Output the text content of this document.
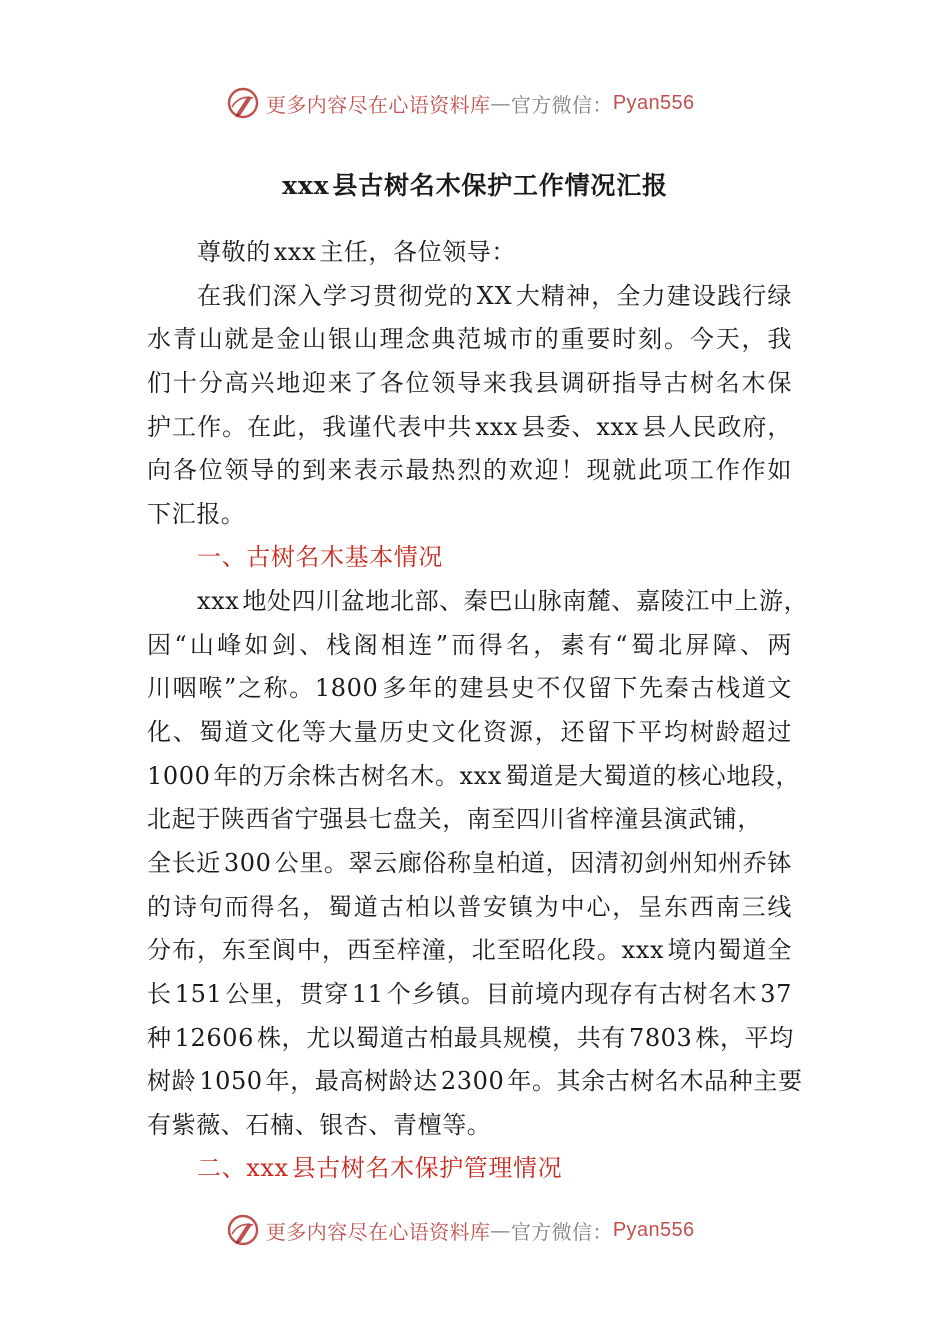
更多内容尽在心语资料库 — 官方微信： Pyan556
xxx县古树名木保护工作情况汇报
尊敬的xxx主任，各位领导：
在我们深入学习贯彻党的XX大精神，全力建设践行绿
水青山就是金山银山理念典范城市的重要时刻。今天，我
们十分高兴地迎来了各位领导来我县调研指导古树名木保
护工作。在此，我谨代表中共xxx县委、xxx县人民政府，
向各位领导的到来表示最热烈的欢迎！现就此项工作作如
下汇报。
一、古树名木基本情况
xxx地处四川盆地北部、秦巴山脉南麓、嘉陵江中上游，
因“山峰如剑、栈阁相连”而得名，素有“蜀北屏障、两
川咽喉”之称。1800多年的建县史不仅留下先秦古栈道文
化、蜀道文化等大量历史文化资源，还留下平均树龄超过
1000年的万余株古树名木。xxx蜀道是大蜀道的核心地段，
北起于陕西省宁强县七盘关，南至四川省梓潼县演武铺，
全长近300公里。翠云廊俗称皇柏道，因清初剑州知州乔钵
的诗句而得名，蜀道古柏以普安镇为中心，呈东西南三线
分布，东至阆中，西至梓潼，北至昭化段。xxx境内蜀道全
长151公里，贯穿11个乡镇。目前境内现存有古树名木37
种12606株，尤以蜀道古柏最具规模，共有7803株，平均
树龄1050年，最高树龄达2300年。其余古树名木品种主要
有紫薇、石楠、银杏、青檀等。
二、xxx县古树名木保护管理情况
更多内容尽在心语资料库 — 官方微信： Pyan556
